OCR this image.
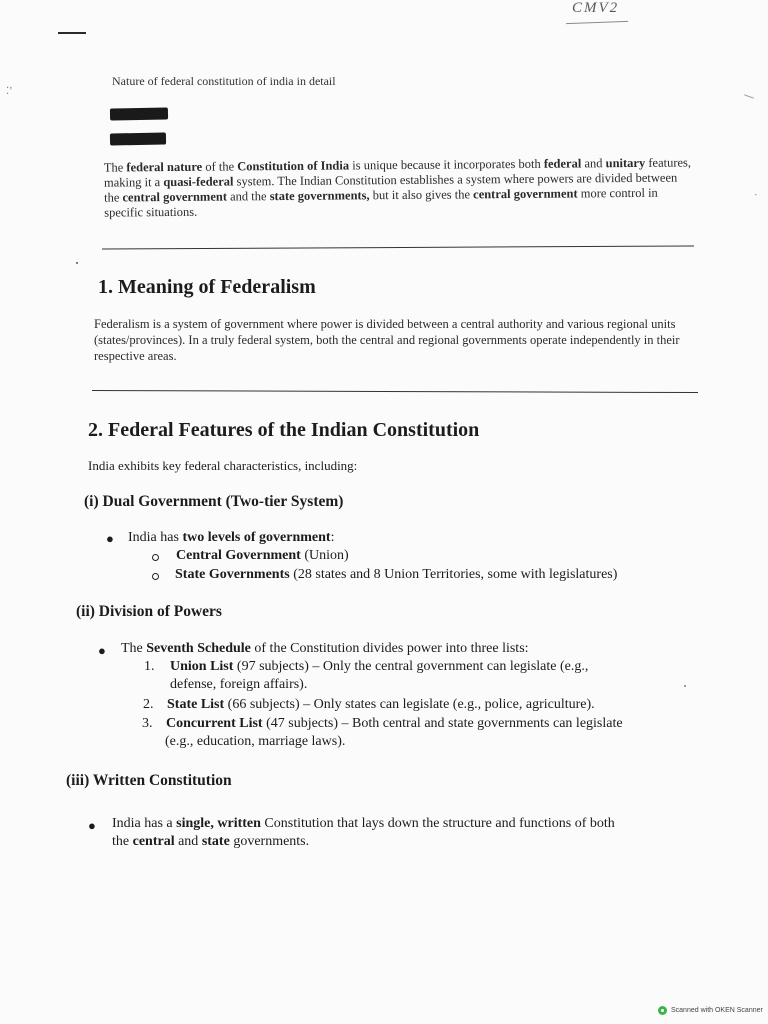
CMV2
⁚ʼ
ˎ
Nature of federal constitution of india in detail
The federal nature of the Constitution of India is unique because it incorporates both federal and unitary features, making it a quasi-federal system. The Indian Constitution establishes a system where powers are divided between the central government and the state governments, but it also gives the central government more control in specific situations.
1. Meaning of Federalism
Federalism is a system of government where power is divided between a central authority and various regional units (states/provinces). In a truly federal system, both the central and regional governments operate independently in their respective areas.
2. Federal Features of the Indian Constitution
India exhibits key federal characteristics, including:
(i) Dual Government (Two-tier System)
● India has two levels of government:
Central Government (Union)
State Governments (28 states and 8 Union Territories, some with legislatures)
(ii) Division of Powers
● The Seventh Schedule of the Constitution divides power into three lists:
1. Union List (97 subjects) – Only the central government can legislate (e.g.,
defense, foreign affairs).
2. State List (66 subjects) – Only states can legislate (e.g., police, agriculture).
3. Concurrent List (47 subjects) – Both central and state governments can legislate
(e.g., education, marriage laws).
(iii) Written Constitution
● India has a single, written Constitution that lays down the structure and functions of both
the central and state governments.
Scanned with OKEN Scanner
